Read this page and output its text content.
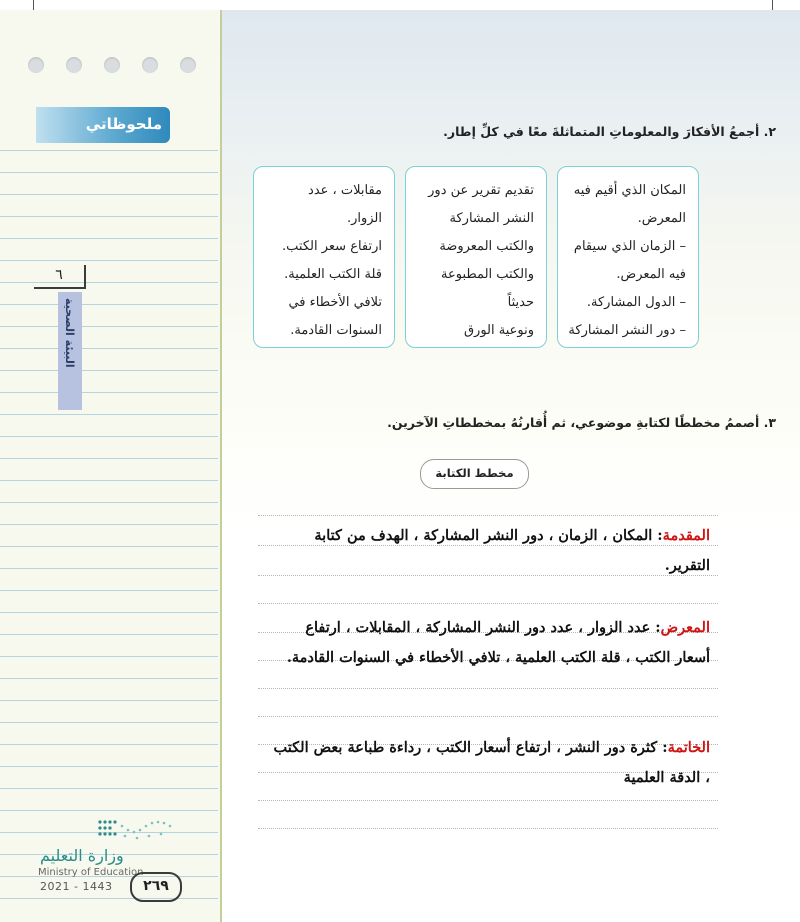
ملحوظاتي
٦
البيئة الصحية
وزارة التعليم
Ministry of Education
2021 - 1443	٢٦٩
٢. أجمعُ الأفكارَ والمعلوماتِ المتماثلةَ معًا في كلِّ إطار.
المكان الذي أقيم فيه
المعرض.
– الزمان الذي سيقام
فيه المعرض.
– الدول المشاركة.
– دور النشر المشاركة
تقديم تقرير عن دور
النشر المشاركة
والكتب المعروضة
والكتب المطبوعة
حديثاً
ونوعية الورق
مقابلات ، عدد
الزوار.
ارتفاع سعر الكتب.
قلة الكتب العلمية.
تلافي الأخطاء في
السنوات القادمة.
٣. أصممُ مخططًا لكتابةِ موضوعي، ثم أُقارنُهُ بمخططاتِ الآخرين.
مخطط الكتابة
المقدمة: المكان ، الزمان ، دور النشر المشاركة ، الهدف من كتابة التقرير.
المعرض: عدد الزوار ، عدد دور النشر المشاركة ، المقابلات ، ارتفاع أسعار الكتب ، قلة الكتب العلمية ، تلافي الأخطاء في السنوات القادمة.
الخاتمة: كثرة دور النشر ، ارتفاع أسعار الكتب ، رداءة طباعة بعض الكتب ، الدقة العلمية
